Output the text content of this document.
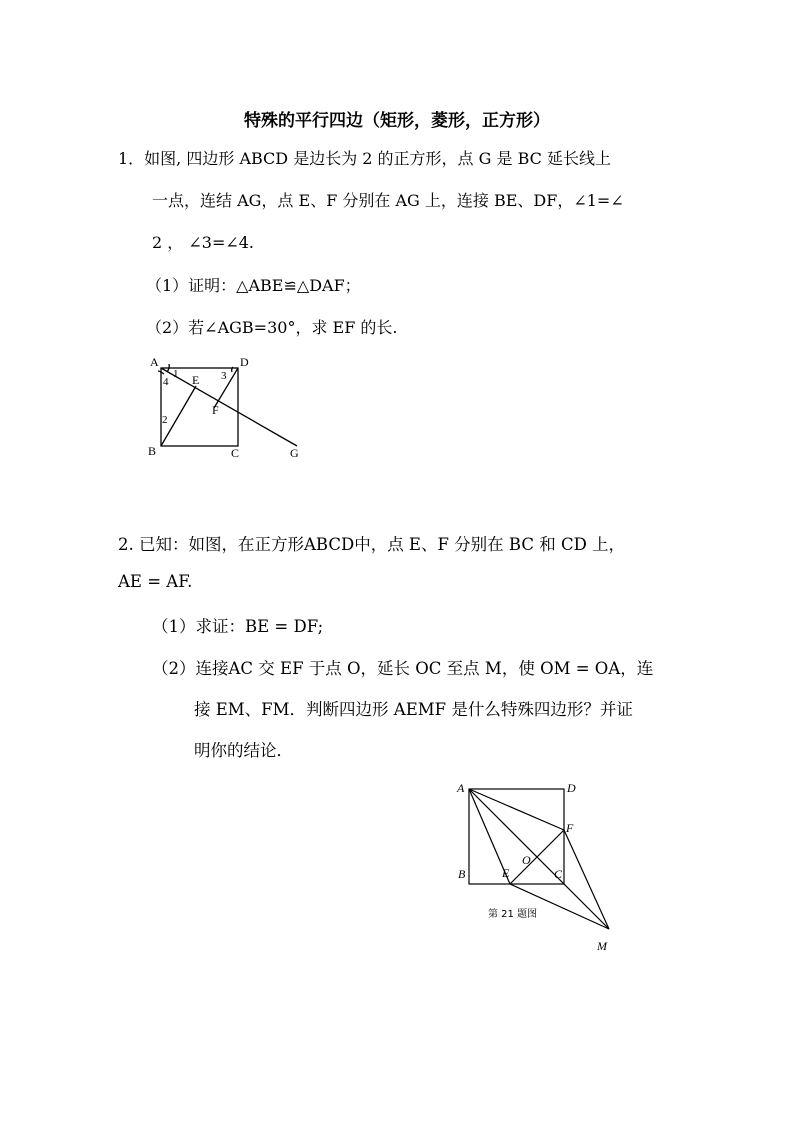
特殊的平行四边（矩形，菱形，正方形）
1．如图, 四边形 ABCD 是边长为 2 的正方形，点 G 是 BC 延长线上
一点，连结 AG，点 E、F 分别在 AG 上，连接 BE、DF，∠1=∠
2 ， ∠3=∠4.
（1）证明：△ABE≌△DAF；
（2）若∠AGB=30°，求 EF 的长.
A	D
B	C	G
E
F
1
4
2
3
2. 已知：如图，在正方形ABCD中，点 E、F 分别在 BC 和 CD 上，
AE = AF.
（1）求证：BE = DF;
（2）连接AC 交 EF 于点 O，延长 OC 至点 M，使 OM = OA，连
接 EM、FM．判断四边形 AEMF 是什么特殊四边形？并证
明你的结论．
A	D
B	E	C
F
O
M
第 21 题图
